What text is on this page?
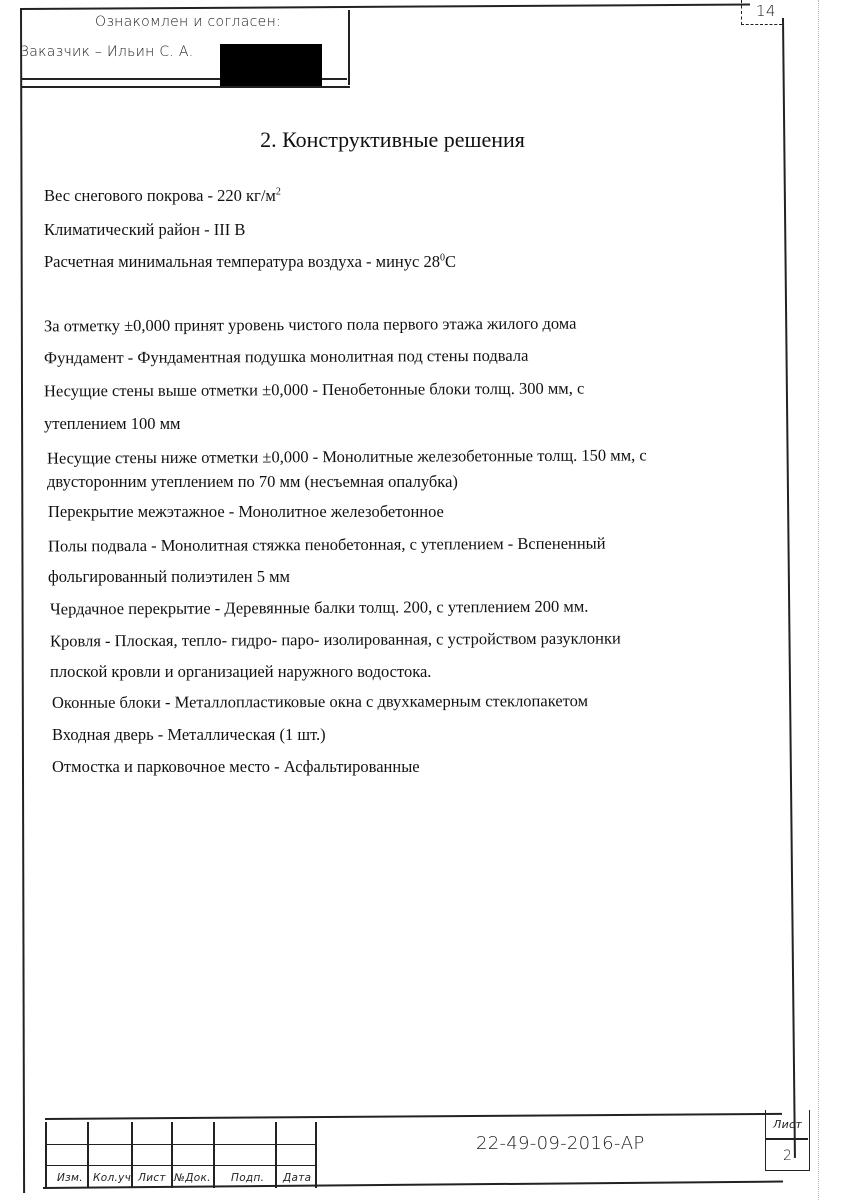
Ознакомлен и согласен:
Заказчик – Ильин С. А.
14
2. Конструктивные решения
Вес снегового покрова - 220 $кг/м^2$
Климатический район - III В
Расчетная минимальная температура воздуха - минус $28^0С$
За отметку ±0,000 принят уровень чистого пола первого этажа жилого дома
Фундамент - Фундаментная подушка монолитная под стены подвала
Несущие стены выше отметки ±0,000 - Пенобетонные блоки толщ. 300 мм, с
утеплением 100 мм
Несущие стены ниже отметки ±0,000 - Монолитные железобетонные толщ. 150 мм, с
двусторонним утеплением по 70 мм (несъемная опалубка)
Перекрытие межэтажное - Монолитное железобетонное
Полы подвала - Монолитная стяжка пенобетонная, с утеплением - Вспененный
фольгированный полиэтилен 5 мм
Чердачное перекрытие - Деревянные балки толщ. 200, с утеплением 200 мм.
Кровля - Плоская, тепло- гидро- паро- изолированная, с устройством разуклонки
плоской кровли и организацией наружного водостока.
Оконные блоки - Металлопластиковые окна с двухкамерным стеклопакетом
Входная дверь - Металлическая (1 шт.)
Отмостка и парковочное место - Асфальтированные
Изм. Кол.уч Лист №Док. Подп. Дата
22-49-09-2016-АР
Лист
2
